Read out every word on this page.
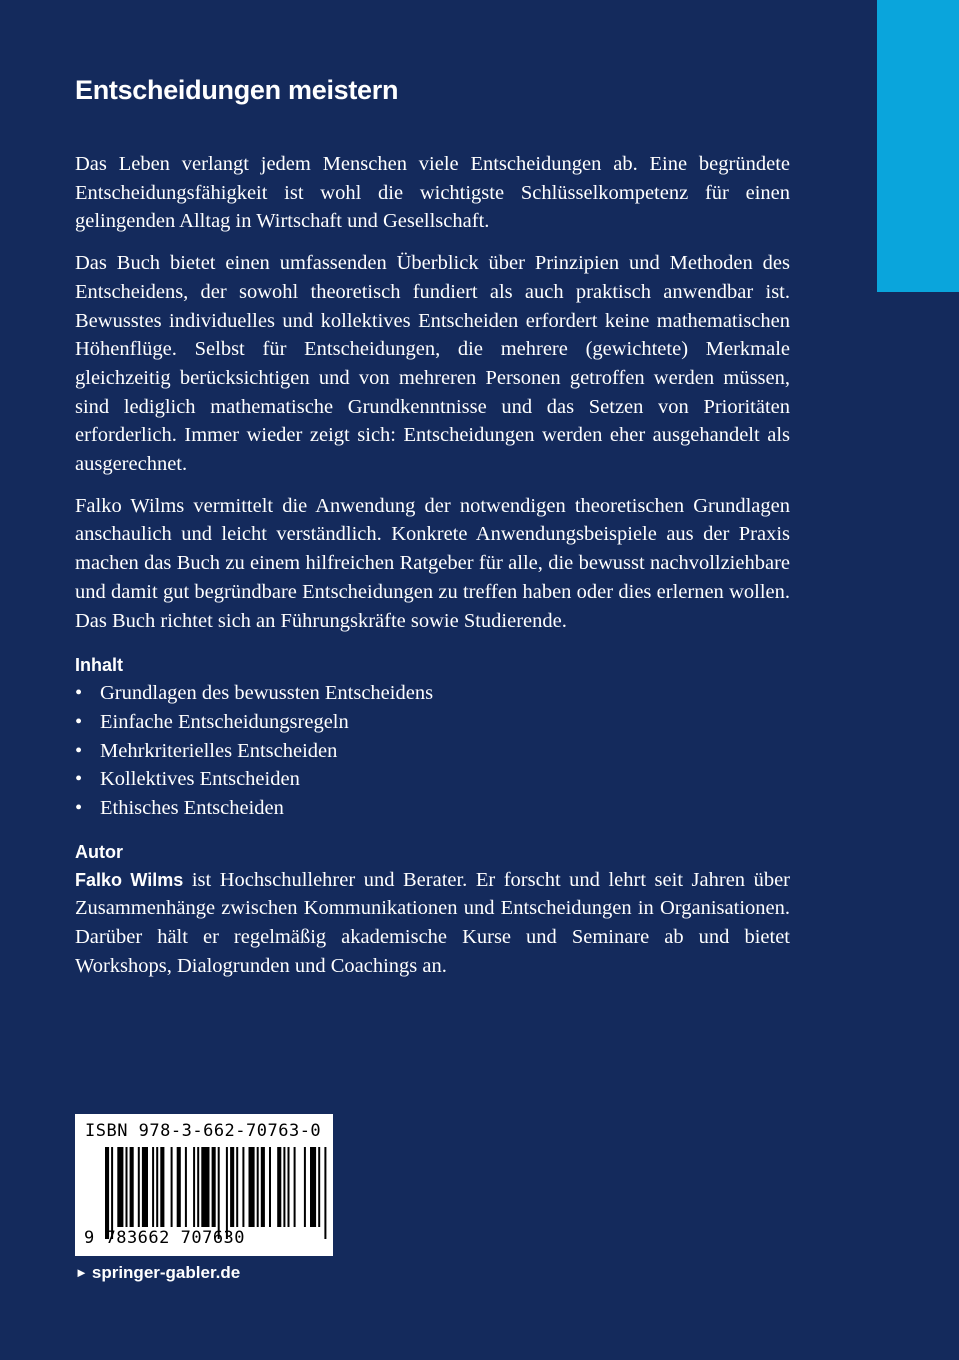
Entscheidungen meistern

Das Leben verlangt jedem Menschen viele Entscheidungen ab. Eine begründete Entscheidungsfähigkeit ist wohl die wichtigste Schlüsselkompetenz für einen gelingenden Alltag in Wirtschaft und Gesellschaft.

Das Buch bietet einen umfassenden Überblick über Prinzipien und Methoden des Entscheidens, der sowohl theoretisch fundiert als auch praktisch anwendbar ist. Bewusstes individuelles und kollektives Entscheiden erfordert keine mathematischen Höhenflüge. Selbst für Entscheidungen, die mehrere (gewichtete) Merkmale gleichzeitig berücksichtigen und von mehreren Personen getroffen werden müssen, sind lediglich mathematische Grundkenntnisse und das Setzen von Prioritäten erforderlich. Immer wieder zeigt sich: Entscheidungen werden eher ausgehandelt als ausgerechnet.

Falko Wilms vermittelt die Anwendung der notwendigen theoretischen Grundlagen anschaulich und leicht verständlich. Konkrete Anwendungsbeispiele aus der Praxis machen das Buch zu einem hilfreichen Ratgeber für alle, die bewusst nachvollziehbare und damit gut begründbare Entscheidungen zu treffen haben oder dies erlernen wollen. Das Buch richtet sich an Führungskräfte sowie Studierende.

Inhalt
• Grundlagen des bewussten Entscheidens
• Einfache Entscheidungsregeln
• Mehrkriterielles Entscheiden
• Kollektives Entscheiden
• Ethisches Entscheiden
Autor

Falko Wilms ist Hochschullehrer und Berater. Er forscht und lehrt seit Jahren über Zusammenhänge zwischen Kommunikationen und Entscheidungen in Organisationen. Darüber hält er regelmäßig akademische Kurse und Seminare ab und bietet Workshops, Dialogrunden und Coachings an.

ISBN 978-3-662-70763-0
9 783662 707630
► springer-gabler.de
